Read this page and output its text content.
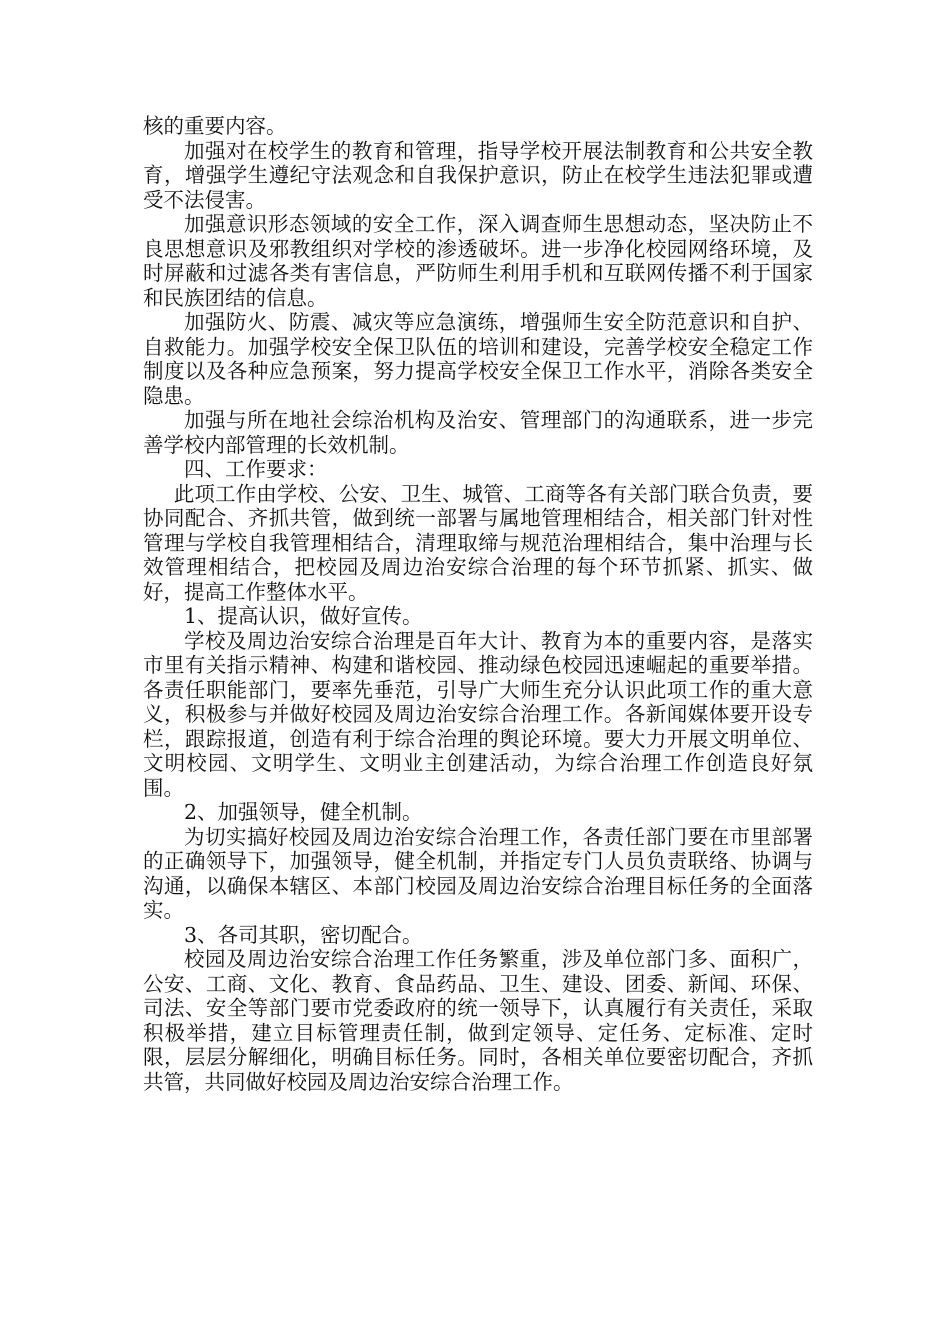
核的重要内容。

加强对在校学生的教育和管理，指导学校开展法制教育和公共安全教育，增强学生遵纪守法观念和自我保护意识，防止在校学生违法犯罪或遭受不法侵害。

加强意识形态领域的安全工作，深入调查师生思想动态，坚决防止不良思想意识及邪教组织对学校的渗透破坏。进一步净化校园网络环境，及时屏蔽和过滤各类有害信息，严防师生利用手机和互联网传播不利于国家和民族团结的信息。

加强防火、防震、减灾等应急演练，增强师生安全防范意识和自护、自救能力。加强学校安全保卫队伍的培训和建设，完善学校安全稳定工作制度以及各种应急预案，努力提高学校安全保卫工作水平，消除各类安全隐患。

加强与所在地社会综治机构及治安、管理部门的沟通联系，进一步完善学校内部管理的长效机制。

四、工作要求：

此项工作由学校、公安、卫生、城管、工商等各有关部门联合负责，要协同配合、齐抓共管，做到统一部署与属地管理相结合，相关部门针对性管理与学校自我管理相结合，清理取缔与规范治理相结合，集中治理与长效管理相结合，把校园及周边治安综合治理的每个环节抓紧、抓实、做好，提高工作整体水平。

1、提高认识，做好宣传。

学校及周边治安综合治理是百年大计、教育为本的重要内容，是落实市里有关指示精神、构建和谐校园、推动绿色校园迅速崛起的重要举措。各责任职能部门，要率先垂范，引导广大师生充分认识此项工作的重大意义，积极参与并做好校园及周边治安综合治理工作。各新闻媒体要开设专栏，跟踪报道，创造有利于综合治理的舆论环境。要大力开展文明单位、文明校园、文明学生、文明业主创建活动，为综合治理工作创造良好氛围。

2、加强领导，健全机制。

为切实搞好校园及周边治安综合治理工作，各责任部门要在市里部署的正确领导下，加强领导，健全机制，并指定专门人员负责联络、协调与沟通，以确保本辖区、本部门校园及周边治安综合治理目标任务的全面落实。

3、各司其职，密切配合。

校园及周边治安综合治理工作任务繁重，涉及单位部门多、面积广，公安、工商、文化、教育、食品药品、卫生、建设、团委、新闻、环保、司法、安全等部门要市党委政府的统一领导下，认真履行有关责任，采取积极举措，建立目标管理责任制，做到定领导、定任务、定标准、定时限，层层分解细化，明确目标任务。同时，各相关单位要密切配合，齐抓共管，共同做好校园及周边治安综合治理工作。
